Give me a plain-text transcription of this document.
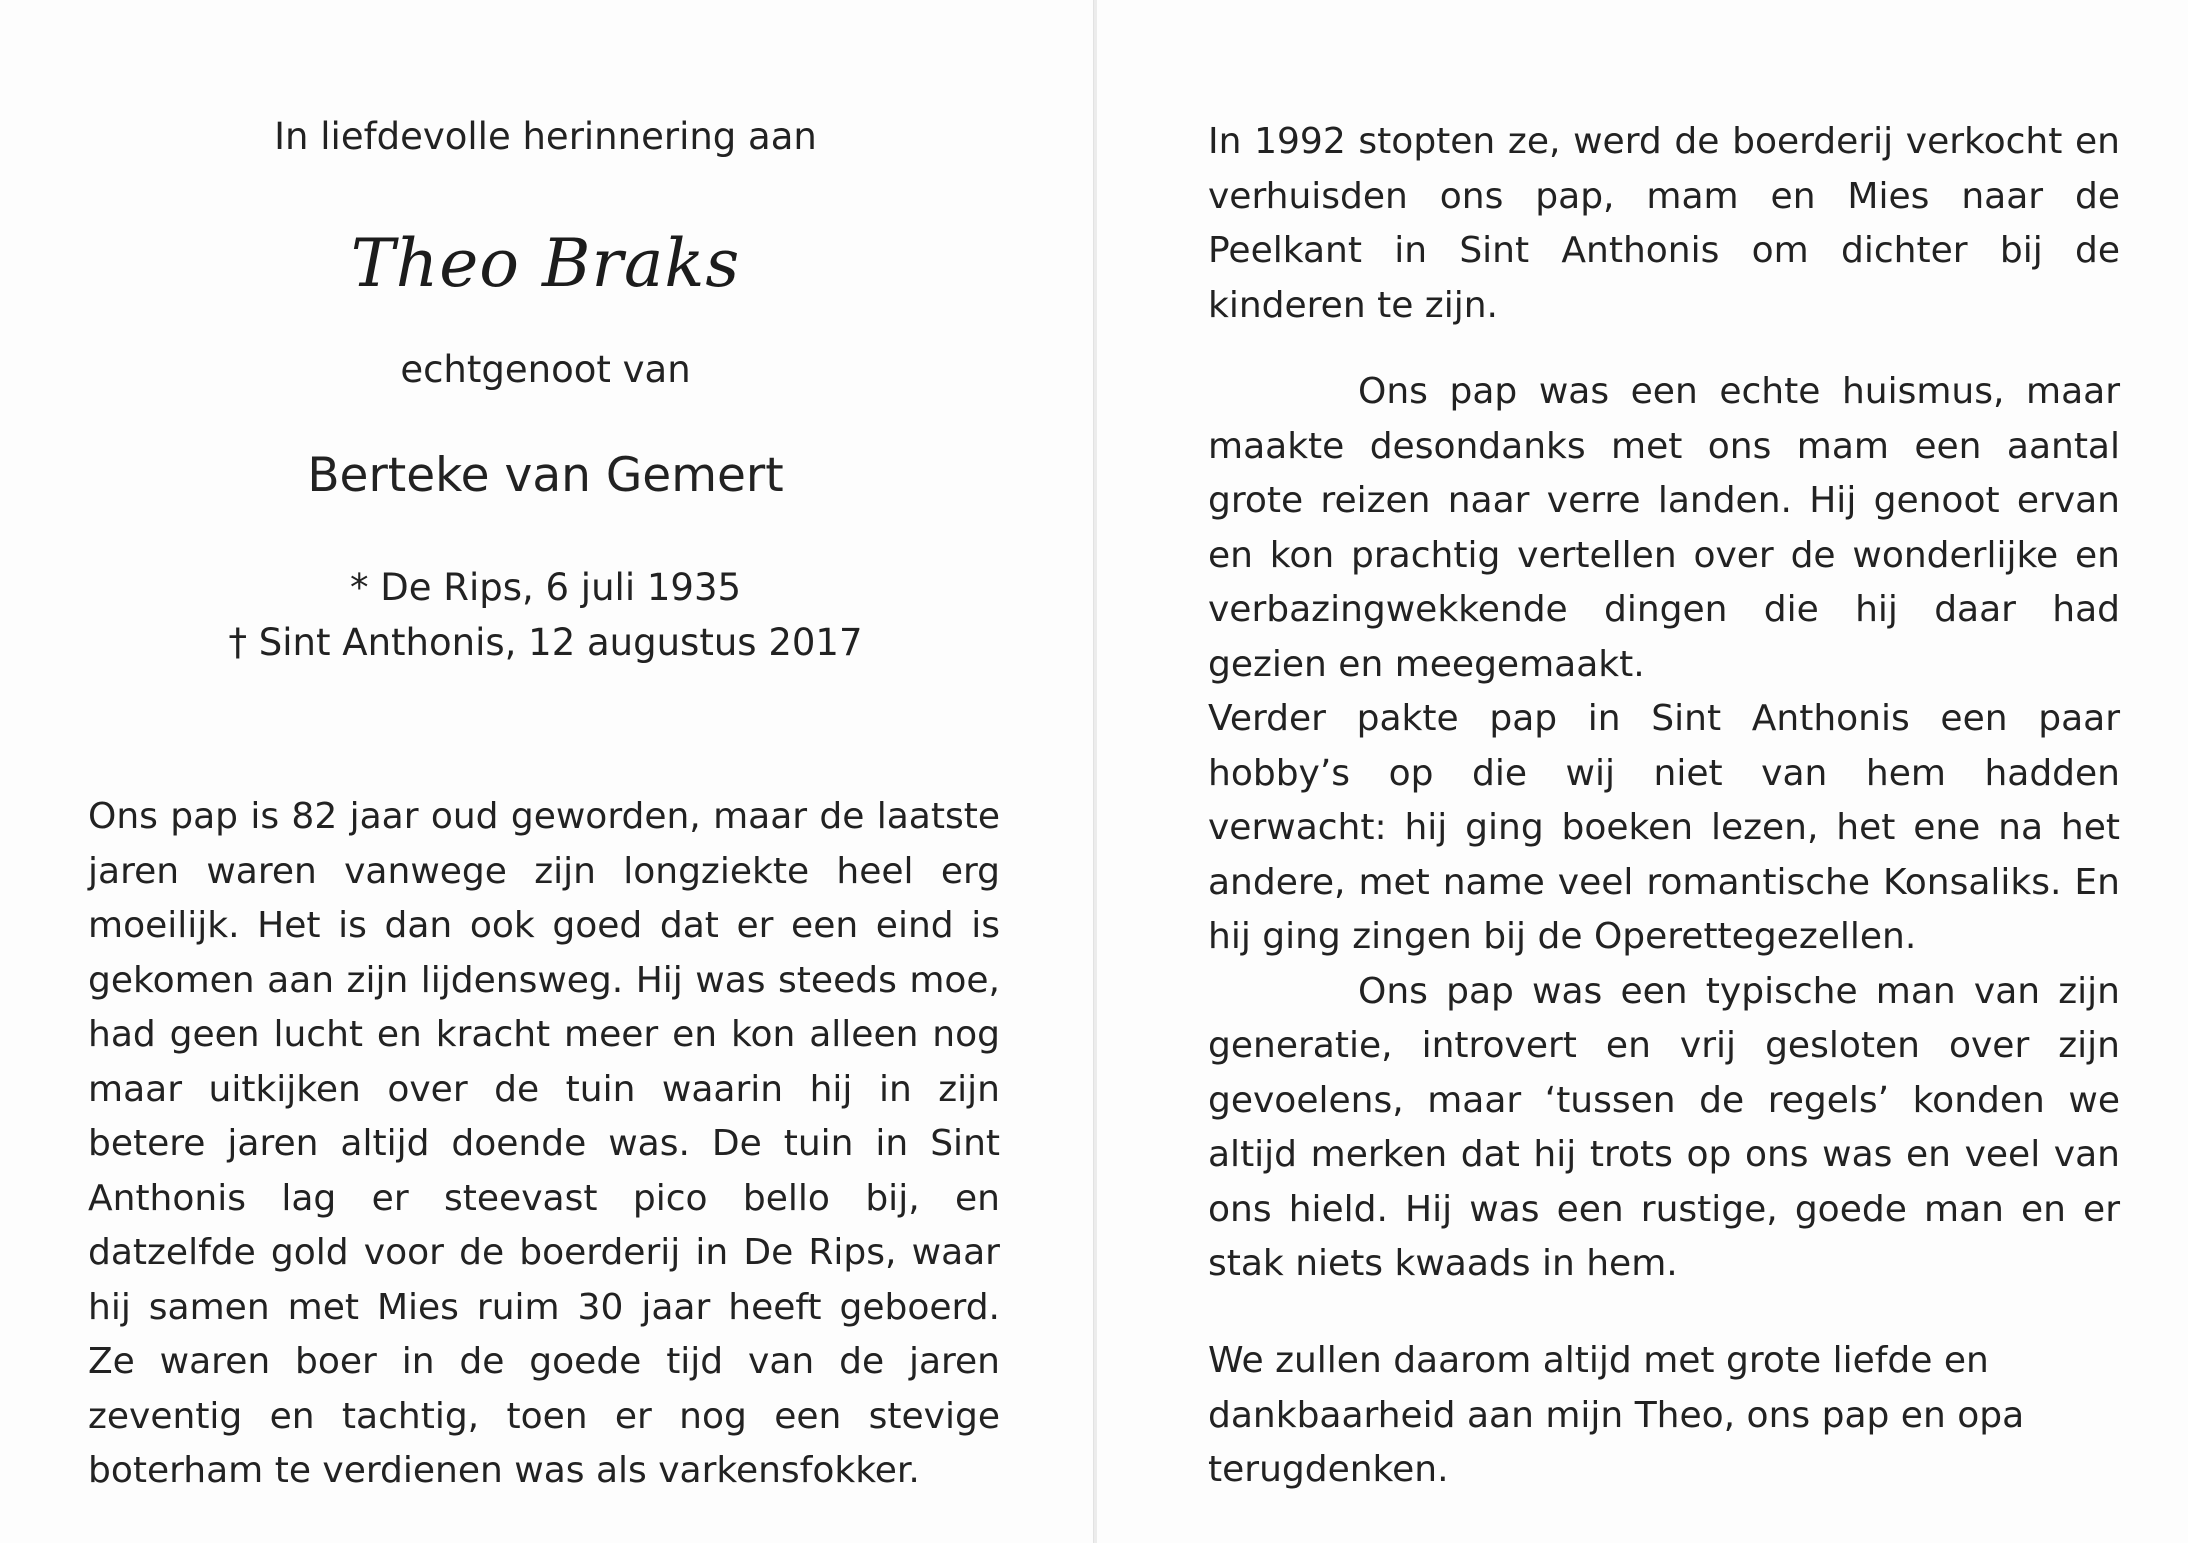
In liefdevolle herinnering aan
Theo Braks
echtgenoot van
Berteke van Gemert
* De Rips, 6 juli 1935
† Sint Anthonis, 12 augustus 2017

Ons pap is 82 jaar oud geworden, maar de laatste jaren waren vanwege zijn longziekte heel erg moeilijk. Het is dan ook goed dat er een eind is gekomen aan zijn lijdensweg. Hij was steeds moe, had geen lucht en kracht meer en kon alleen nog maar uitkijken over de tuin waarin hij in zijn betere jaren altijd doende was. De tuin in Sint Anthonis lag er steevast pico bello bij, en datzelfde gold voor de boerderij in De Rips, waar hij samen met Mies ruim 30 jaar heeft geboerd. Ze waren boer in de goede tijd van de jaren zeventig en tachtig, toen er nog een stevige boterham te verdienen was als varkensfokker.

In 1992 stopten ze, werd de boerderij verkocht en verhuisden ons pap, mam en Mies naar de Peelkant in Sint Anthonis om dichter bij de kinderen te zijn.

Ons pap was een echte huismus, maar maakte desondanks met ons mam een aantal grote reizen naar verre landen. Hij genoot ervan en kon prachtig vertellen over de wonderlijke en verbazingwekkende dingen die hij daar had gezien en meegemaakt.
Verder pakte pap in Sint Anthonis een paar hobby’s op die wij niet van hem hadden verwacht: hij ging boeken lezen, het ene na het andere, met name veel romantische Konsaliks. En hij ging zingen bij de Operettegezellen.
Ons pap was een typische man van zijn generatie, introvert en vrij gesloten over zijn gevoelens, maar ‘tussen de regels’ konden we altijd merken dat hij trots op ons was en veel van ons hield. Hij was een rustige, goede man en er stak niets kwaads in hem.

We zullen daarom altijd met grote liefde en dankbaarheid aan mijn Theo, ons pap en opa terugdenken.
